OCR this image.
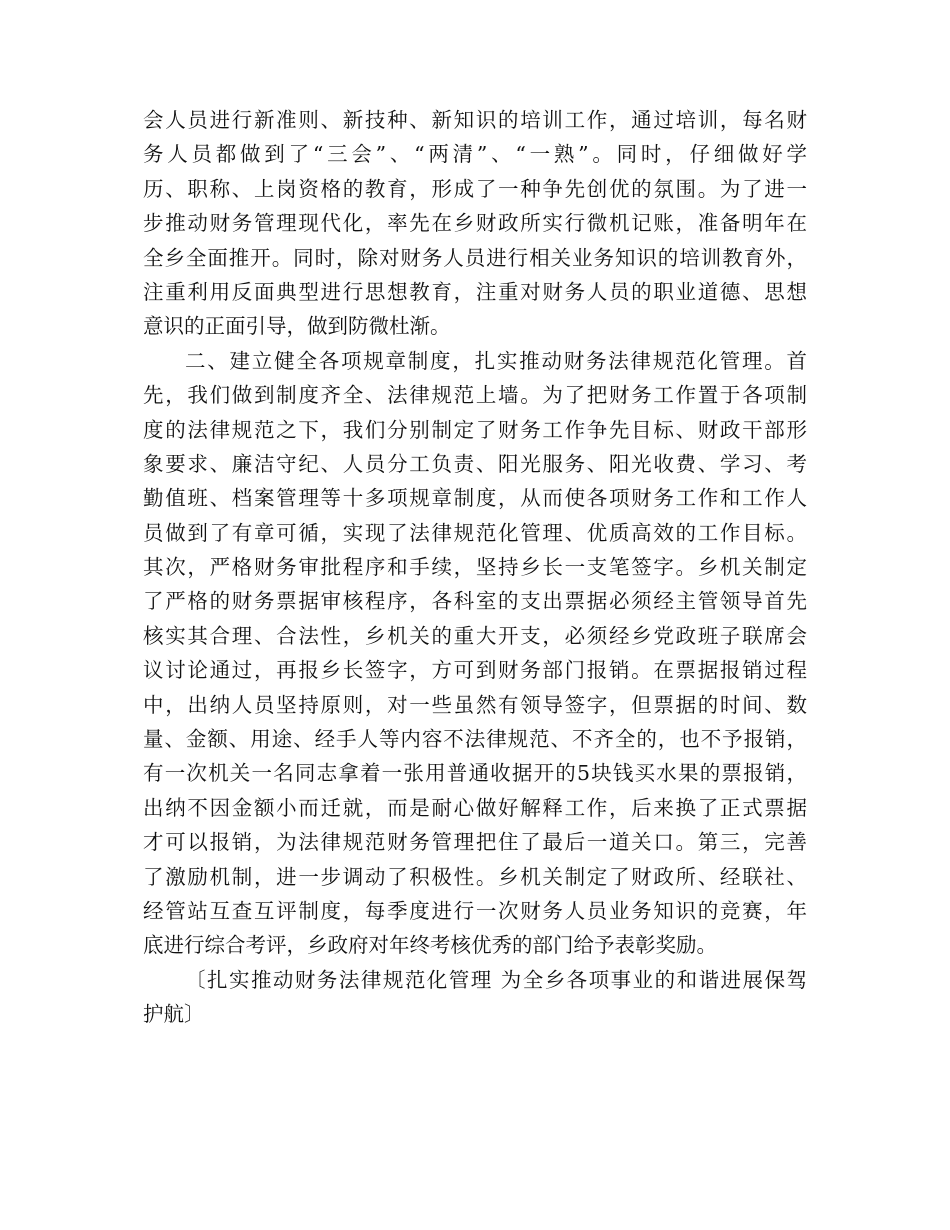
会人员进行新准则、新技种、新知识的培训工作，通过培训，每名财
务人员都做到了“三会”、“两清”、“一熟”。同时，仔细做好学
历、职称、上岗资格的教育，形成了一种争先创优的氛围。为了进一
步推动财务管理现代化，率先在乡财政所实行微机记账，准备明年在
全乡全面推开。同时，除对财务人员进行相关业务知识的培训教育外，
注重利用反面典型进行思想教育，注重对财务人员的职业道德、思想
意识的正面引导，做到防微杜渐。
二、建立健全各项规章制度，扎实推动财务法律规范化管理。首
先，我们做到制度齐全、法律规范上墙。为了把财务工作置于各项制
度的法律规范之下，我们分别制定了财务工作争先目标、财政干部形
象要求、廉洁守纪、人员分工负责、阳光服务、阳光收费、学习、考
勤值班、档案管理等十多项规章制度，从而使各项财务工作和工作人
员做到了有章可循，实现了法律规范化管理、优质高效的工作目标。
其次，严格财务审批程序和手续，坚持乡长一支笔签字。乡机关制定
了严格的财务票据审核程序，各科室的支出票据必须经主管领导首先
核实其合理、合法性，乡机关的重大开支，必须经乡党政班子联席会
议讨论通过，再报乡长签字，方可到财务部门报销。在票据报销过程
中，出纳人员坚持原则，对一些虽然有领导签字，但票据的时间、数
量、金额、用途、经手人等内容不法律规范、不齐全的，也不予报销，
有一次机关一名同志拿着一张用普通收据开的5块钱买水果的票报销，
出纳不因金额小而迁就，而是耐心做好解释工作，后来换了正式票据
才可以报销，为法律规范财务管理把住了最后一道关口。第三，完善
了激励机制，进一步调动了积极性。乡机关制定了财政所、经联社、
经管站互查互评制度，每季度进行一次财务人员业务知识的竞赛，年
底进行综合考评，乡政府对年终考核优秀的部门给予表彰奖励。
〔扎实推动财务法律规范化管理 为全乡各项事业的和谐进展保驾
护航〕
